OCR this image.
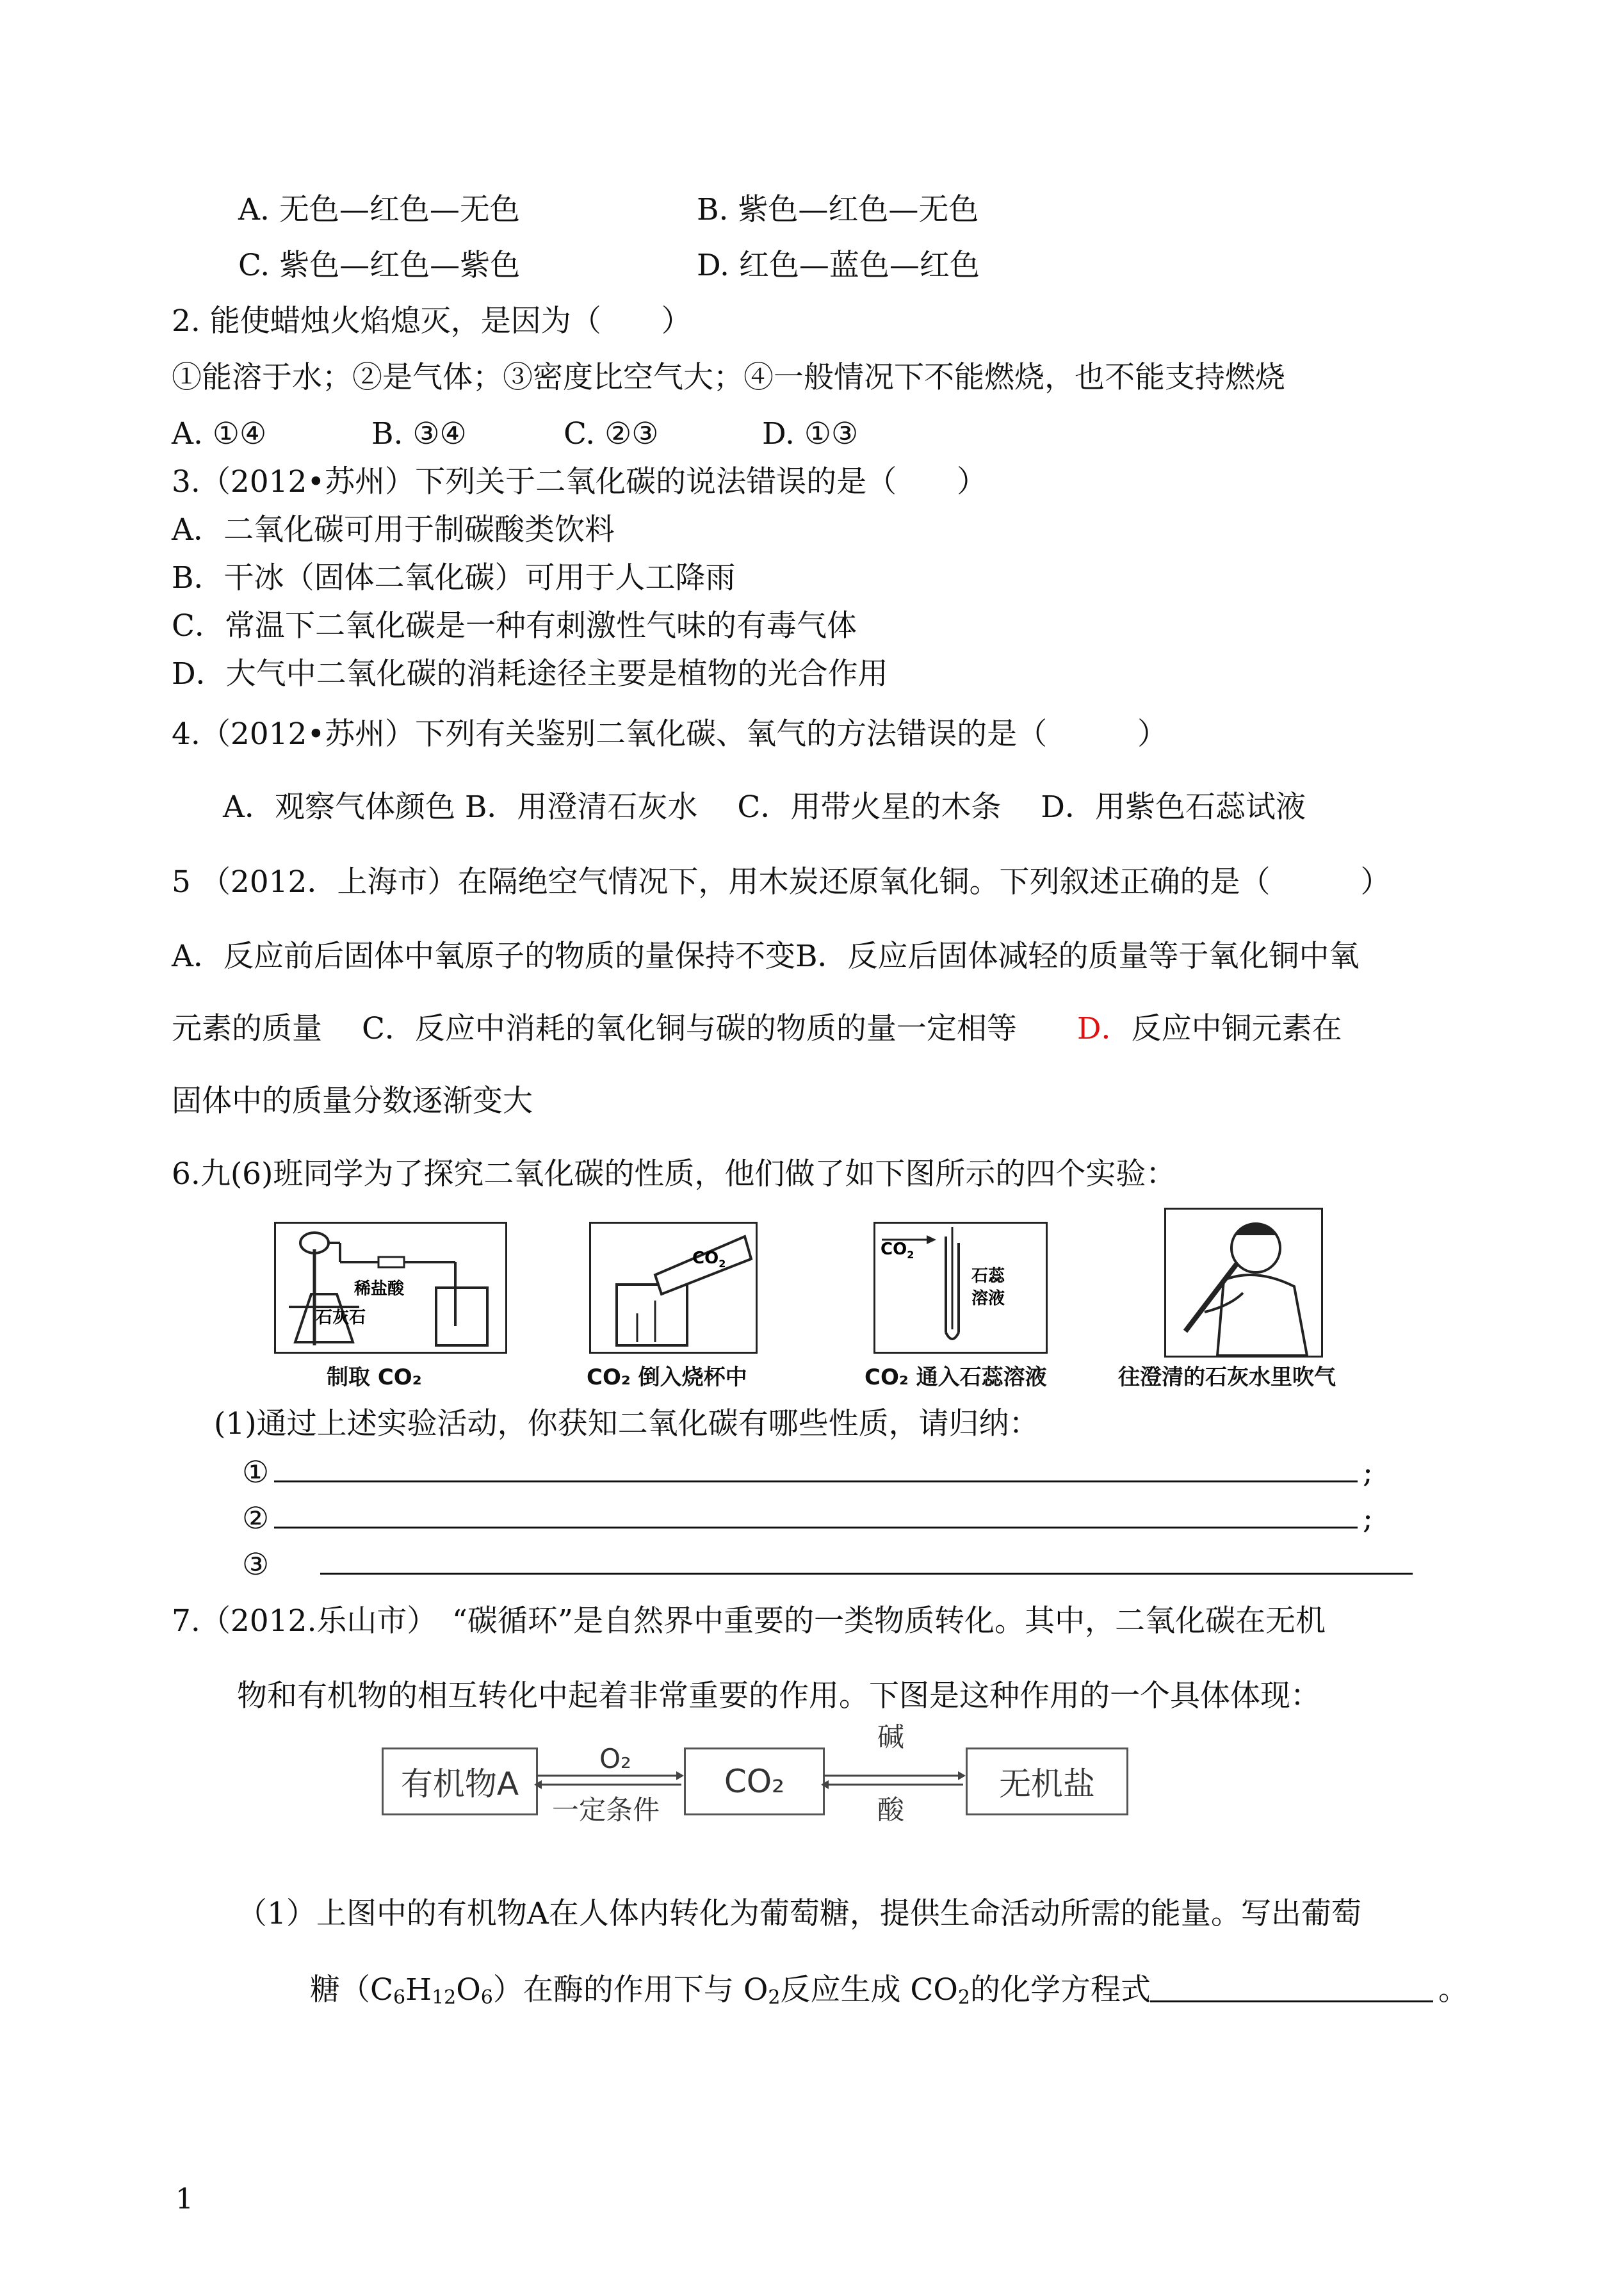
A. 无色—红色—无色	B. 紫色—红色—无色
C. 紫色—红色—紫色	D. 红色—蓝色—红色
2. 能使蜡烛火焰熄灭，是因为（　　）
①能溶于水；②是气体；③密度比空气大；④一般情况下不能燃烧，也不能支持燃烧
A. ①④	B. ③④	C. ②③	D. ①③
3.（2012•苏州）下列关于二氧化碳的说法错误的是（　　）
A．二氧化碳可用于制碳酸类饮料
B．干冰（固体二氧化碳）可用于人工降雨
C．常温下二氧化碳是一种有刺激性气味的有毒气体
D．大气中二氧化碳的消耗途径主要是植物的光合作用
4.（2012•苏州）下列有关鉴别二氧化碳、氧气的方法错误的是（　　　）
A．观察气体颜色 B．用澄清石灰水　 C．用带火星的木条　 D．用紫色石蕊试液
5 （2012．上海市）在隔绝空气情况下，用木炭还原氧化铜。下列叙述正确的是（　　　）
A．反应前后固体中氧原子的物质的量保持不变B．反应后固体减轻的质量等于氧化铜中氧
元素的质量　 C．反应中消耗的氧化铜与碳的物质的量一定相等　　D．反应中铜元素在
固体中的质量分数逐渐变大
6.九(6)班同学为了探究二氧化碳的性质，他们做了如下图所示的四个实验：
稀盐酸
石灰石
制取 CO₂
$CO_2$
CO₂ 倒入烧杯中
$CO_2$
石蕊
溶液
CO₂ 通入石蕊溶液	往澄清的石灰水里吹气
(1)通过上述实验活动，你获知二氧化碳有哪些性质，请归纳：
①	;
②	;
③
7.（2012.乐山市）　“碳循环”是自然界中重要的一类物质转化。其中，二氧化碳在无机
物和有机物的相互转化中起着非常重要的作用。下图是这种作用的一个具体体现：
有机物A	CO₂	无机盐
O₂
一定条件
碱
酸
（1）上图中的有机物A在人体内转化为葡萄糖，提供生命活动所需的能量。写出葡萄
糖$(C_6H_{12}O_6)$在酶的作用下与 $O_2$反应生成 $CO_2$的化学方程式	。
1
